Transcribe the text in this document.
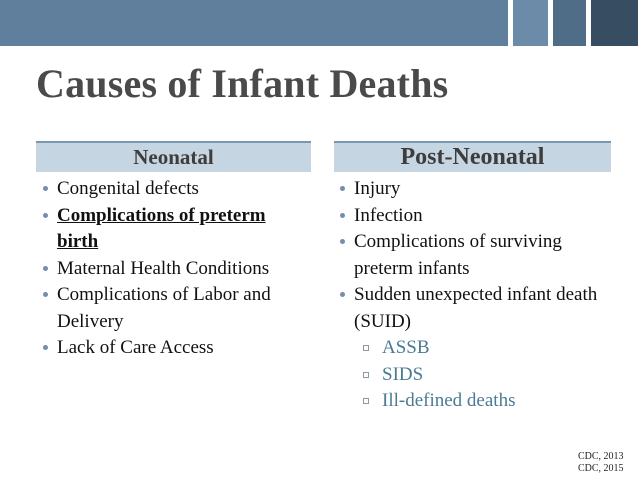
Causes of Infant Deaths
Neonatal	Post-Neonatal
Congenital defects
Complications of preterm birth
Maternal Health Conditions
Complications of Labor and Delivery
Lack of Care Access
Injury
Infection
Complications of surviving preterm infants
Sudden unexpected infant death (SUID)
ASSB
SIDS
Ill-defined deaths
CDC, 2013
CDC, 2015
